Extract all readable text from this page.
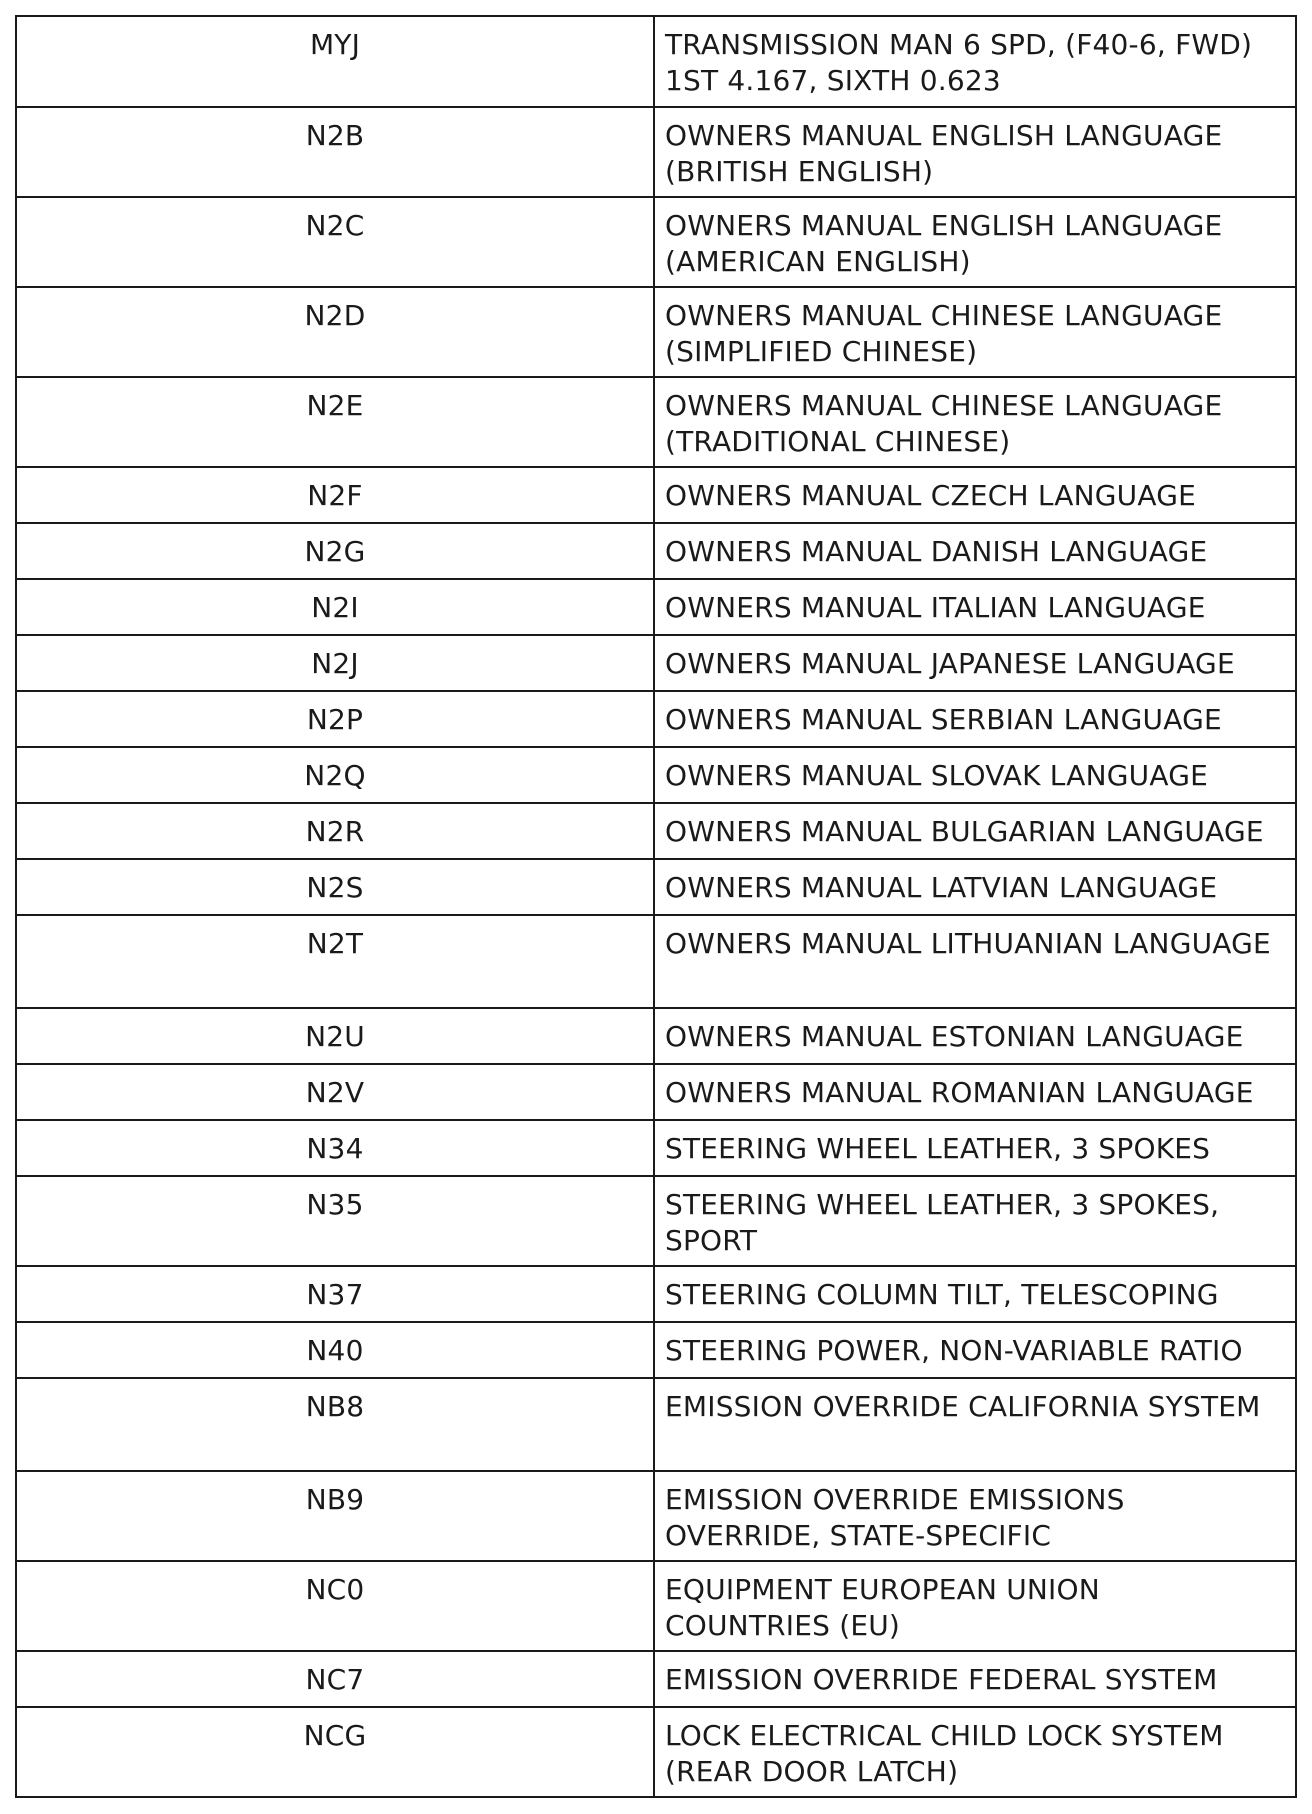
MYJ	TRANSMISSION MAN 6 SPD, (F40-6, FWD)
1ST 4.167, SIXTH 0.623
N2B	OWNERS MANUAL ENGLISH LANGUAGE
(BRITISH ENGLISH)
N2C	OWNERS MANUAL ENGLISH LANGUAGE
(AMERICAN ENGLISH)
N2D	OWNERS MANUAL CHINESE LANGUAGE
(SIMPLIFIED CHINESE)
N2E	OWNERS MANUAL CHINESE LANGUAGE
(TRADITIONAL CHINESE)
N2F	OWNERS MANUAL CZECH LANGUAGE
N2G	OWNERS MANUAL DANISH LANGUAGE
N2I	OWNERS MANUAL ITALIAN LANGUAGE
N2J	OWNERS MANUAL JAPANESE LANGUAGE
N2P	OWNERS MANUAL SERBIAN LANGUAGE
N2Q	OWNERS MANUAL SLOVAK LANGUAGE
N2R	OWNERS MANUAL BULGARIAN LANGUAGE
N2S	OWNERS MANUAL LATVIAN LANGUAGE
N2T	OWNERS MANUAL LITHUANIAN LANGUAGE
N2U	OWNERS MANUAL ESTONIAN LANGUAGE
N2V	OWNERS MANUAL ROMANIAN LANGUAGE
N34	STEERING WHEEL LEATHER, 3 SPOKES
N35	STEERING WHEEL LEATHER, 3 SPOKES,
SPORT
N37	STEERING COLUMN TILT, TELESCOPING
N40	STEERING POWER, NON-VARIABLE RATIO
NB8	EMISSION OVERRIDE CALIFORNIA SYSTEM
NB9	EMISSION OVERRIDE EMISSIONS
OVERRIDE, STATE-SPECIFIC
NC0	EQUIPMENT EUROPEAN UNION
COUNTRIES (EU)
NC7	EMISSION OVERRIDE FEDERAL SYSTEM
NCG	LOCK ELECTRICAL CHILD LOCK SYSTEM
(REAR DOOR LATCH)
